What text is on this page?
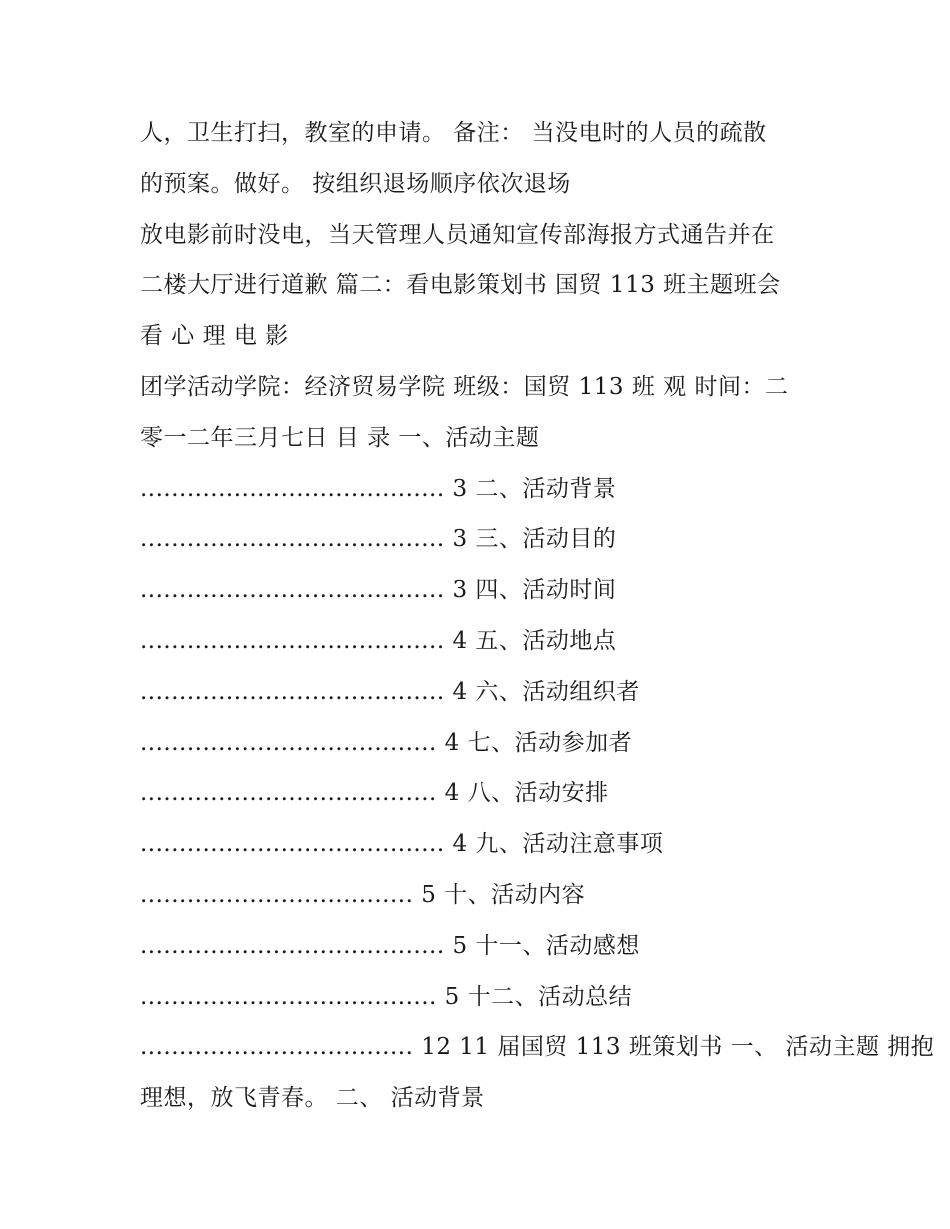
人，卫生打扫，教室的申请。 备注： 当没电时的人员的疏散
的预案。做好。 按组织退场顺序依次退场
放电影前时没电，当天管理人员通知宣传部海报方式通告并在
二楼大厅进行道歉 篇二：看电影策划书 国贸 113 班主题班会
看 心 理 电 影
团学活动学院：经济贸易学院 班级：国贸 113 班 观 时间：二
零一二年三月七日 目 录 一、活动主题
....................................... 3 二、活动背景
....................................... 3 三、活动目的
....................................... 3 四、活动时间
....................................... 4 五、活动地点
....................................... 4 六、活动组织者
...................................... 4 七、活动参加者
...................................... 4 八、活动安排
....................................... 4 九、活动注意事项
................................... 5 十、活动内容
....................................... 5 十一、活动感想
...................................... 5 十二、活动总结
................................... 12 11 届国贸 113 班策划书 一、 活动主题 拥抱
理想，放飞青春。 二、 活动背景
